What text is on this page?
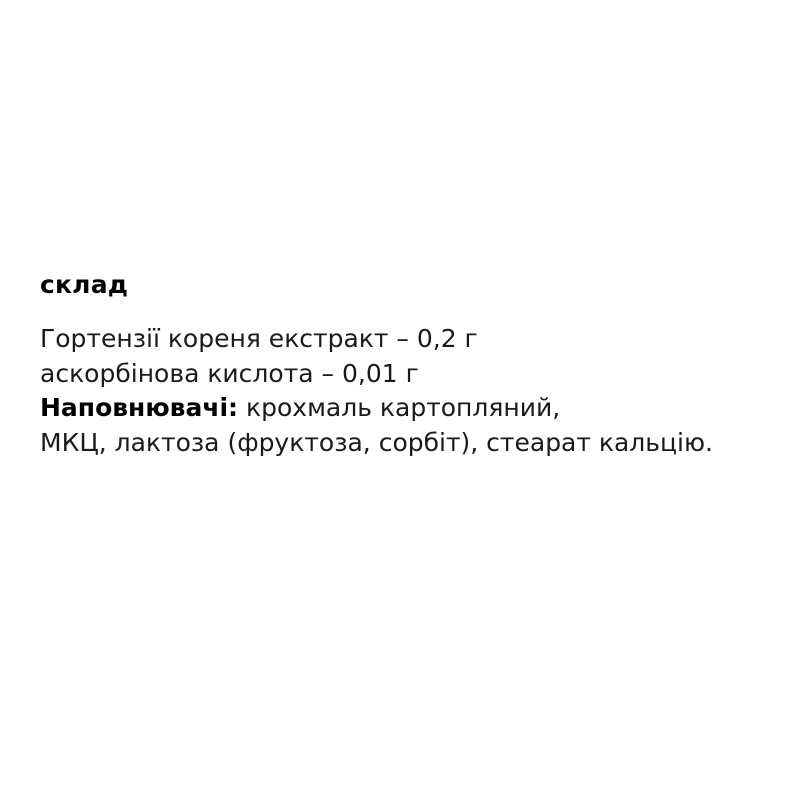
склад
Гортензії кореня екстракт – 0,2 г
аскорбінова кислота – 0,01 г
Наповнювачі: крохмаль картопляний,
МКЦ, лактоза (фруктоза, сорбіт), стеарат кальцію.
